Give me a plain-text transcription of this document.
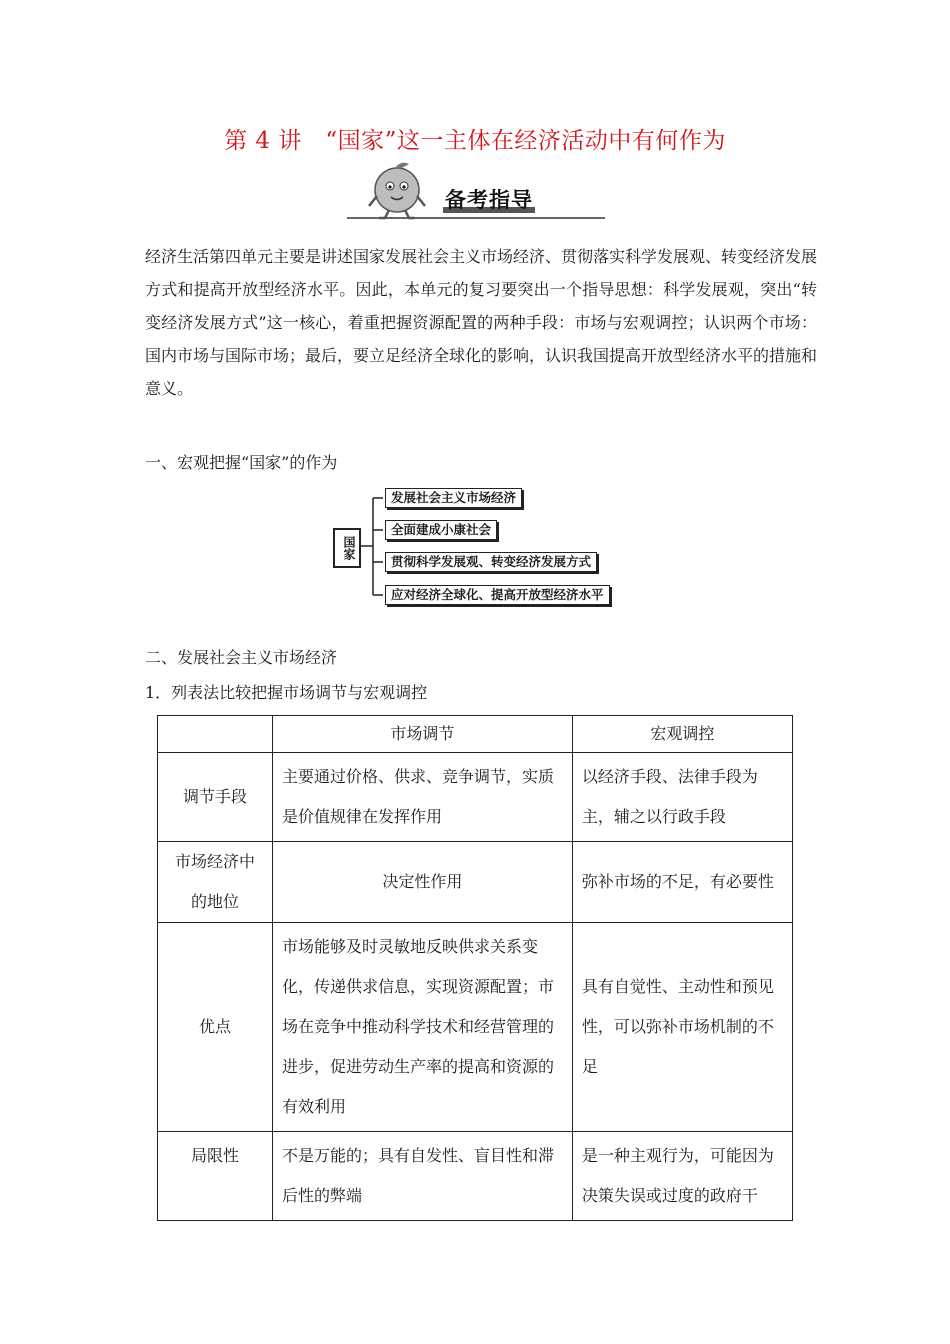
第 4 讲　“国家”这一主体在经济活动中有何作为
备考指导

经济生活第四单元主要是讲述国家发展社会主义市场经济、贯彻落实科学发展观、转变经济发展方式和提高开放型经济水平。因此，本单元的复习要突出一个指导思想：科学发展观，突出“转变经济发展方式”这一核心，着重把握资源配置的两种手段：市场与宏观调控；认识两个市场：国内市场与国际市场；最后，要立足经济全球化的影响，认识我国提高开放型经济水平的措施和意义。

一、宏观把握“国家”的作为
国家
发展社会主义市场经济
全面建成小康社会
贯彻科学发展观、转变经济发展方式
应对经济全球化、提高开放型经济水平
二、发展社会主义市场经济
1．列表法比较把握市场调节与宏观调控
	市场调节	宏观调控
调节手段	主要通过价格、供求、竞争调节，实质是价值规律在发挥作用	以经济手段、法律手段为主，辅之以行政手段
市场经济中的地位	决定性作用	弥补市场的不足，有必要性
优点	市场能够及时灵敏地反映供求关系变化，传递供求信息，实现资源配置；市场在竞争中推动科学技术和经营管理的进步，促进劳动生产率的提高和资源的有效利用	具有自觉性、主动性和预见性，可以弥补市场机制的不足
局限性	不是万能的；具有自发性、盲目性和滞后性的弊端	是一种主观行为，可能因为决策失误或过度的政府干
